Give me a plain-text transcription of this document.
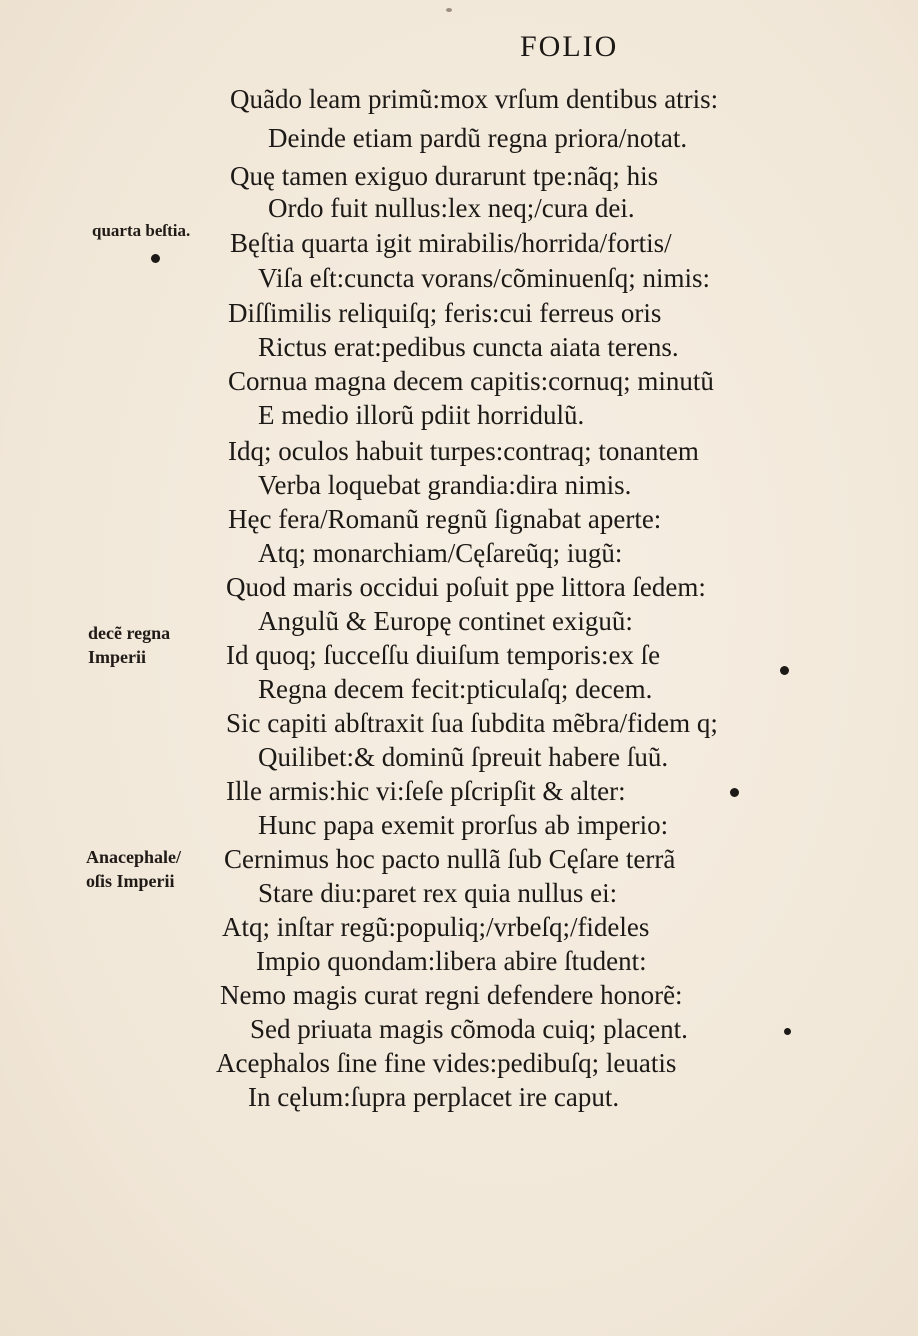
FOLIO
Quãdo leam primũ:mox vrſum dentibus atris:
Deinde etiam pardũ regna priora/notat.
Quę tamen exiguo durarunt tpe:nãq; his
Ordo fuit nullus:lex neq;/cura dei.
Bęſtia quarta igit mirabilis/horrida/fortis/
Viſa eſt:cuncta vorans/cõminuenſq; nimis:
Diſſimilis reliquiſq; feris:cui ferreus oris
Rictus erat:pedibus cuncta aiata terens.
Cornua magna decem capitis:cornuq; minutũ
E medio illorũ pdiit horridulũ.
Idq; oculos habuit turpes:contraq; tonantem
Verba loquebat grandia:dira nimis.
Hęc fera/Romanũ regnũ ſignabat aperte:
Atq; monarchiam/Cęſareũq; iugũ:
Quod maris occidui poſuit ppe littora ſedem:
Angulũ & Europę continet exiguũ:
Id quoq; ſucceſſu diuiſum temporis:ex ſe
Regna decem fecit:pticulaſq; decem.
Sic capiti abſtraxit ſua ſubdita mẽbra/fidem q;
Quilibet:& dominũ ſpreuit habere ſuũ.
Ille armis:hic vi:ſeſe pſcripſit & alter:
Hunc papa exemit prorſus ab imperio:
Cernimus hoc pacto nullã ſub Cęſare terrã
Stare diu:paret rex quia nullus ei:
Atq; inſtar regũ:populiq;/vrbeſq;/fideles
Impio quondam:libera abire ſtudent:
Nemo magis curat regni defendere honorẽ:
Sed priuata magis cõmoda cuiq; placent.
Acephalos ſine fine vides:pedibuſq; leuatis
In cęlum:ſupra perplacet ire caput.
quarta beſtia.
decẽ regna
Imperii
Anacephale/
oſis Imperii
